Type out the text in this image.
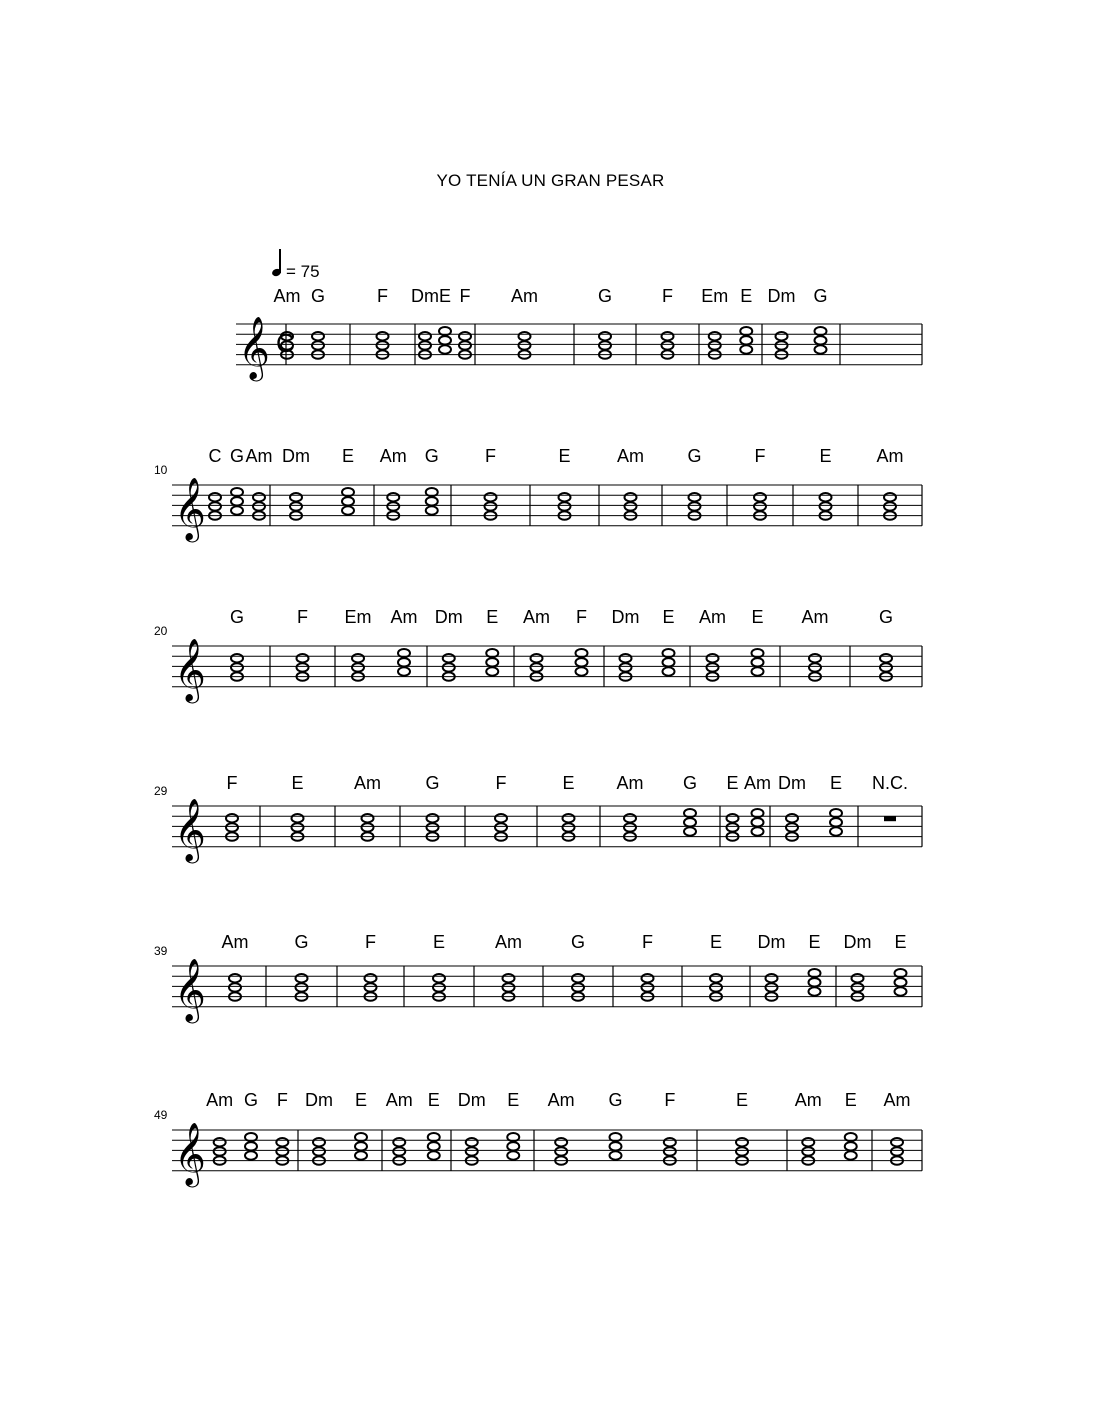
YO TENÍA UN GRAN PESAR
= 75
𝄞 C
Am G	F Dm E F Am	G	F Em E Dm G
𝄞
10
C G Am Dm E Am G	F	E	Am G	F	E Am
𝄞
20
G	F Em Am Dm E Am F Dm E Am E Am	G
𝄞
29	F	E	Am G	F	E Am G E Am Dm E N.C.
𝄞
39	Am	G	F	E	Am	G	F	E Dm E Dm E
𝄞
49
Am G F Dm E Am E Dm E Am G F	E	Am E Am
